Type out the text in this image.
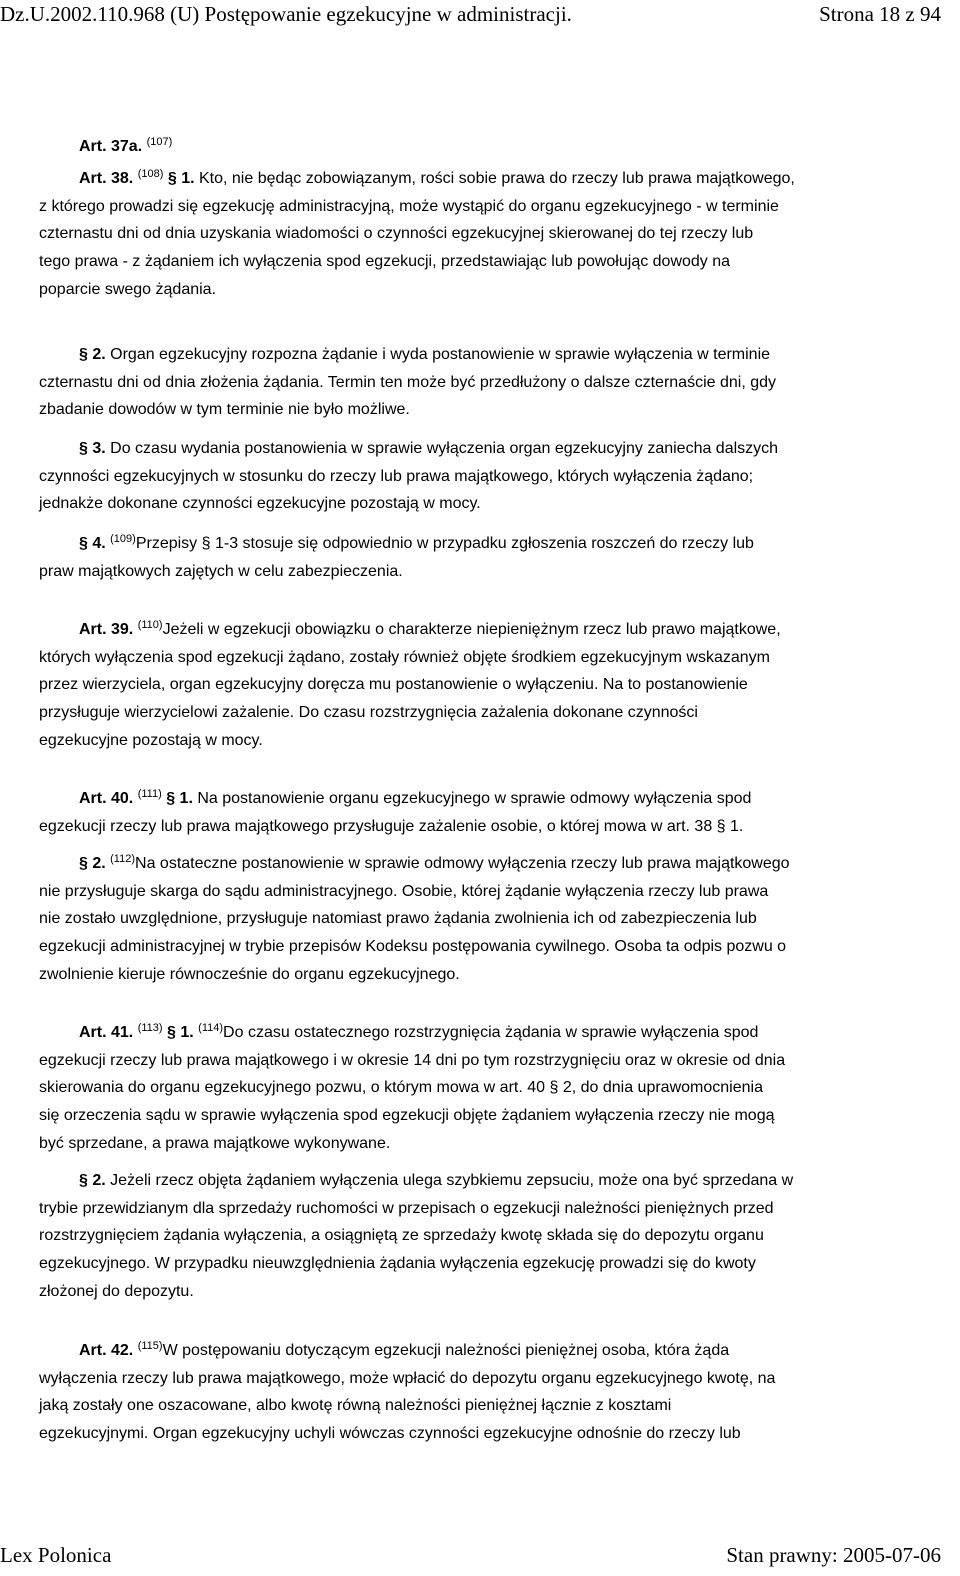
Dz.U.2002.110.968 (U) Postępowanie egzekucyjne w administracji.	Strona 18 z 94

Art. 37a. $^{(107)}$

Art. 38. $^{(108)}$ § 1. Kto, nie będąc zobowiązanym, rości sobie prawa do rzeczy lub prawa majątkowego,

z którego prowadzi się egzekucję administracyjną, może wystąpić do organu egzekucyjnego - w terminie

czternastu dni od dnia uzyskania wiadomości o czynności egzekucyjnej skierowanej do tej rzeczy lub

tego prawa - z żądaniem ich wyłączenia spod egzekucji, przedstawiając lub powołując dowody na

poparcie swego żądania.

§ 2. Organ egzekucyjny rozpozna żądanie i wyda postanowienie w sprawie wyłączenia w terminie

czternastu dni od dnia złożenia żądania. Termin ten może być przedłużony o dalsze czternaście dni, gdy

zbadanie dowodów w tym terminie nie było możliwe.

§ 3. Do czasu wydania postanowienia w sprawie wyłączenia organ egzekucyjny zaniecha dalszych

czynności egzekucyjnych w stosunku do rzeczy lub prawa majątkowego, których wyłączenia żądano;

jednakże dokonane czynności egzekucyjne pozostają w mocy.

§ 4. $^{(109)}$Przepisy § 1-3 stosuje się odpowiednio w przypadku zgłoszenia roszczeń do rzeczy lub

praw majątkowych zajętych w celu zabezpieczenia.

Art. 39. $^{(110)}$Jeżeli w egzekucji obowiązku o charakterze niepieniężnym rzecz lub prawo majątkowe,

których wyłączenia spod egzekucji żądano, zostały również objęte środkiem egzekucyjnym wskazanym

przez wierzyciela, organ egzekucyjny doręcza mu postanowienie o wyłączeniu. Na to postanowienie

przysługuje wierzycielowi zażalenie. Do czasu rozstrzygnięcia zażalenia dokonane czynności

egzekucyjne pozostają w mocy.

Art. 40. $^{(111)}$ § 1. Na postanowienie organu egzekucyjnego w sprawie odmowy wyłączenia spod

egzekucji rzeczy lub prawa majątkowego przysługuje zażalenie osobie, o której mowa w art. 38 § 1.

§ 2. $^{(112)}$Na ostateczne postanowienie w sprawie odmowy wyłączenia rzeczy lub prawa majątkowego

nie przysługuje skarga do sądu administracyjnego. Osobie, której żądanie wyłączenia rzeczy lub prawa

nie zostało uwzględnione, przysługuje natomiast prawo żądania zwolnienia ich od zabezpieczenia lub

egzekucji administracyjnej w trybie przepisów Kodeksu postępowania cywilnego. Osoba ta odpis pozwu o

zwolnienie kieruje równocześnie do organu egzekucyjnego.

Art. 41. $^{(113)}$ § 1. $^{(114)}$Do czasu ostatecznego rozstrzygnięcia żądania w sprawie wyłączenia spod

egzekucji rzeczy lub prawa majątkowego i w okresie 14 dni po tym rozstrzygnięciu oraz w okresie od dnia

skierowania do organu egzekucyjnego pozwu, o którym mowa w art. 40 § 2, do dnia uprawomocnienia

się orzeczenia sądu w sprawie wyłączenia spod egzekucji objęte żądaniem wyłączenia rzeczy nie mogą

być sprzedane, a prawa majątkowe wykonywane.

§ 2. Jeżeli rzecz objęta żądaniem wyłączenia ulega szybkiemu zepsuciu, może ona być sprzedana w

trybie przewidzianym dla sprzedaży ruchomości w przepisach o egzekucji należności pieniężnych przed

rozstrzygnięciem żądania wyłączenia, a osiągniętą ze sprzedaży kwotę składa się do depozytu organu

egzekucyjnego. W przypadku nieuwzględnienia żądania wyłączenia egzekucję prowadzi się do kwoty

złożonej do depozytu.

Art. 42. $^{(115)}$W postępowaniu dotyczącym egzekucji należności pieniężnej osoba, która żąda

wyłączenia rzeczy lub prawa majątkowego, może wpłacić do depozytu organu egzekucyjnego kwotę, na

jaką zostały one oszacowane, albo kwotę równą należności pieniężnej łącznie z kosztami

egzekucyjnymi. Organ egzekucyjny uchyli wówczas czynności egzekucyjne odnośnie do rzeczy lub

Lex Polonica	Stan prawny: 2005-07-06
